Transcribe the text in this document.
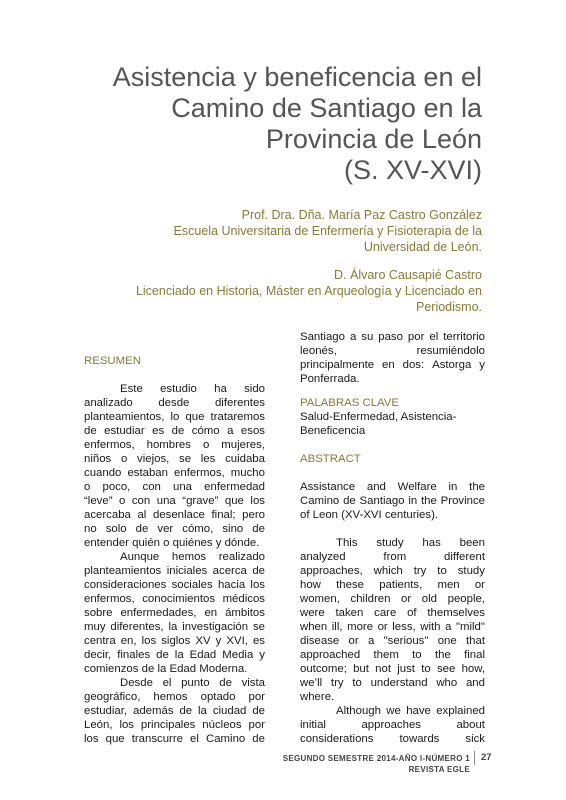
Asistencia y beneficencia en el
Camino de Santiago en la
Provincia de León
(S. XV-XVI)
Prof. Dra. Dña. María Paz Castro González
Escuela Universitaria de Enfermería y Fisioterapia de la
Universidad de León.
D. Álvaro Causapié Castro
Licenciado en Historia, Máster en Arqueología y Licenciado en
Periodismo.
RESUMEN
Este estudio ha sido
analizado desde diferentes
planteamientos, lo que trataremos
de estudiar es de cómo a esos
enfermos, hombres o mujeres,
niños o viejos, se les cuidaba
cuando estaban enfermos, mucho
o poco, con una enfermedad
“leve” o con una “grave” que los
acercaba al desenlace final; pero
no solo de ver cómo, sino de
entender quién o quiénes y dónde.
Aunque hemos realizado
planteamientos iniciales acerca de
consideraciones sociales hacia los
enfermos, conocimientos médicos
sobre enfermedades, en ámbitos
muy diferentes, la investigación se
centra en, los siglos XV y XVI, es
decir, finales de la Edad Media y
comienzos de la Edad Moderna.
Desde el punto de vista
geográfico, hemos optado por
estudiar, además de la ciudad de
León, los principales núcleos por
los que transcurre el Camino de
Santiago a su paso por el territorio
leonés,	resumiéndolo
principalmente en dos: Astorga y
Ponferrada.
PALABRAS CLAVE
Salud-Enfermedad, Asistencia-
Beneficencia
ABSTRACT
Assistance and Welfare in the
Camino de Santiago in the Province
of Leon (XV-XVI centuries).
This study has been
analyzed	from	different
approaches, which try to study
how these patients, men or
women, children or old people,
were taken care of themselves
when ill, more or less, with a "mild"
disease or a "serious" one that
approached them to the final
outcome; but not just to see how,
we’ll try to understand who and
where.
Although we have explained
initial	approaches	about
considerations towards sick
SEGUNDO SEMESTRE 2014-AÑO I-NÚMERO 1
REVISTA EGLE
27
